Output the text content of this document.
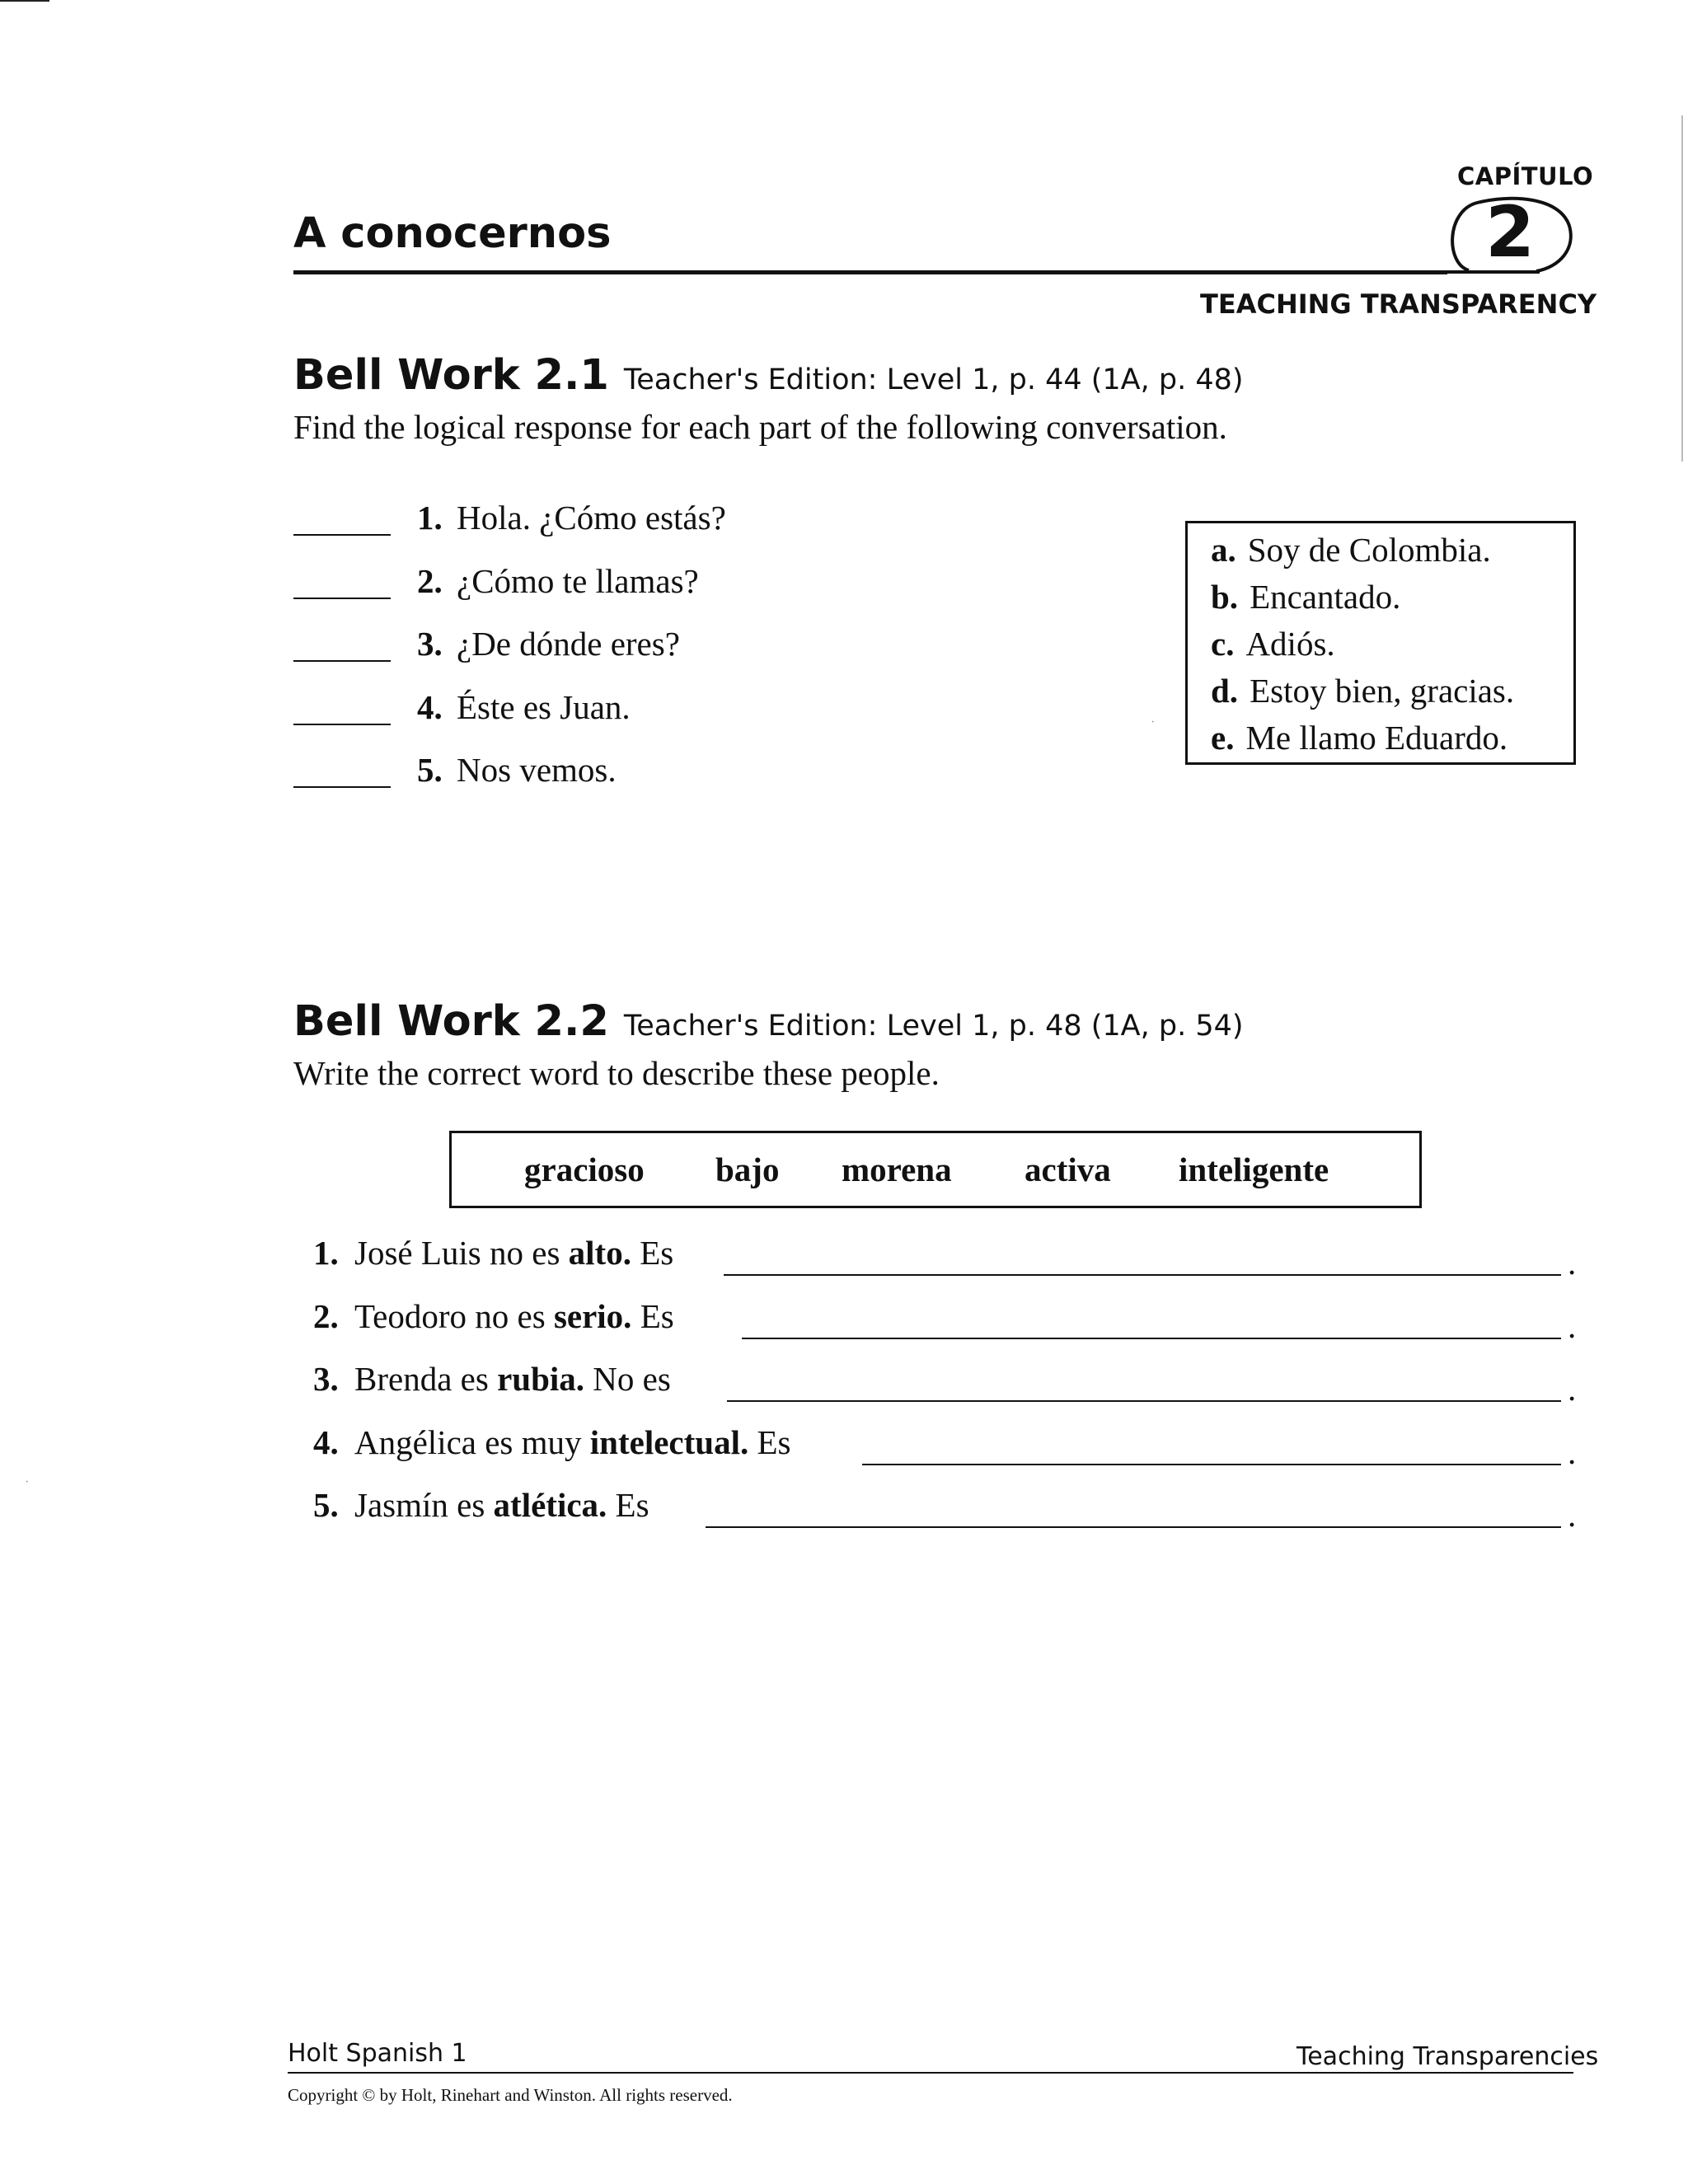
CAPÍTULO
2
A conocernos
TEACHING TRANSPARENCY
Bell Work 2.1 Teacher's Edition: Level 1, p. 44 (1A, p. 48)
Find the logical response for each part of the following conversation.
1. Hola. ¿Cómo estás?
2. ¿Cómo te llamas?
3. ¿De dónde eres?
4. Éste es Juan.
5. Nos vemos.
a. Soy de Colombia.
b. Encantado.
c. Adiós.
d. Estoy bien, gracias.
e. Me llamo Eduardo.
Bell Work 2.2 Teacher's Edition: Level 1, p. 48 (1A, p. 54)
Write the correct word to describe these people.
gracioso bajo morena activa inteligente
1. José Luis no es alto. Es	.
2. Teodoro no es serio. Es	.
3. Brenda es rubia. No es	.
4. Angélica es muy intelectual. Es	.
5. Jasmín es atlética. Es	.
Holt Spanish 1	Teaching Transparencies
Copyright © by Holt, Rinehart and Winston. All rights reserved.
·
·
